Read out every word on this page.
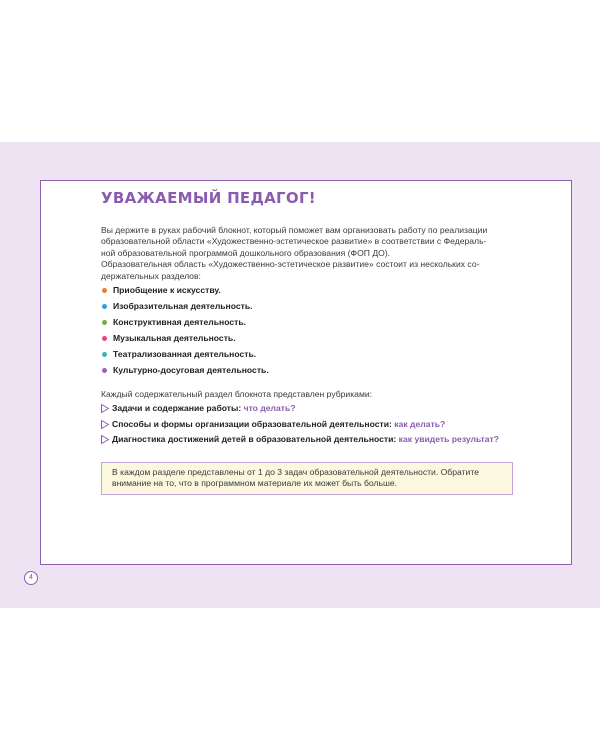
УВАЖАЕМЫЙ ПЕДАГОГ!

Вы держите в руках рабочий блокнот, который поможет вам организовать работу по реализации
образовательной области «Художественно-эстетическое развитие» в соответствии с Федераль-
ной образовательной программой дошкольного образования (ФОП ДО).
Образовательная область «Художественно-эстетическое развитие» состоит из нескольких со-
держательных разделов:

Приобщение к искусству.
Изобразительная деятельность.
Конструктивная деятельность.
Музыкальная деятельность.
Театрализованная деятельность.
Культурно-досуговая деятельность.

Каждый содержательный раздел блокнота представлен рубриками:

Задачи и содержание работы: что делать?
Способы и формы организации образовательной деятельности: как делать?
Диагностика достижений детей в образовательной деятельности: как увидеть результат?
В каждом разделе представлены от 1 до 3 задач образовательной деятельности. Обратите внимание на то, что в программном материале их может быть больше.
4
